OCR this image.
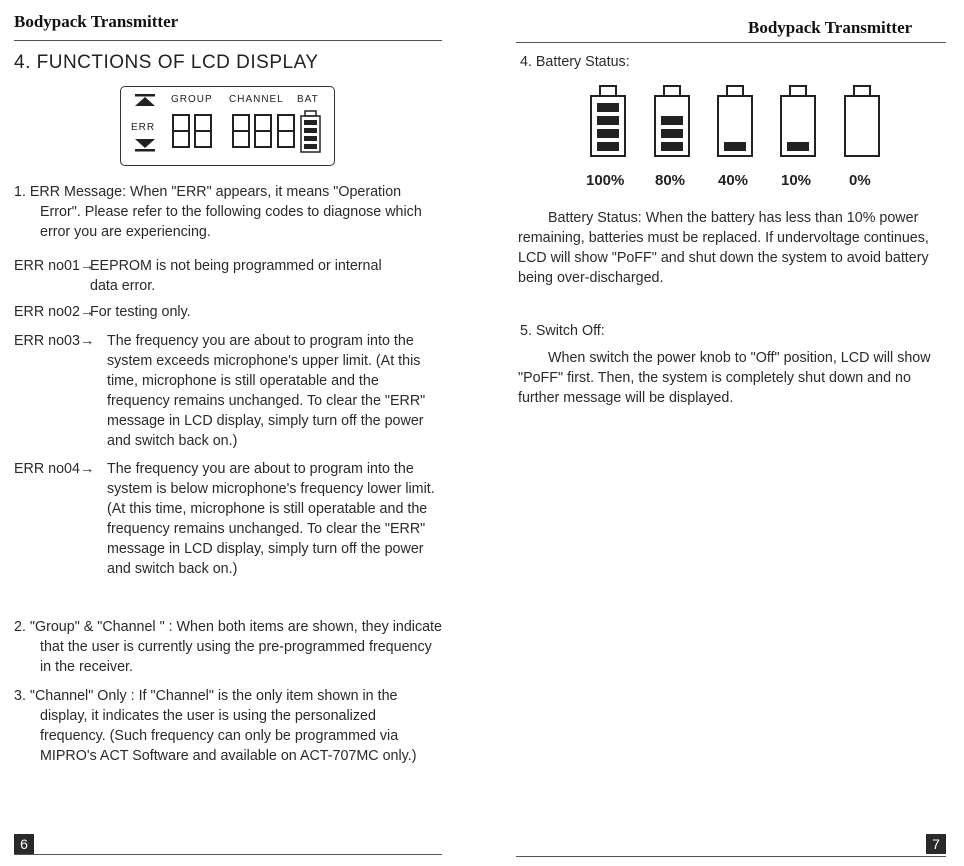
Bodypack Transmitter
4. FUNCTIONS OF LCD DISPLAY
GROUP CHANNEL BAT
ERR

1. ERR Message: When "ERR" appears, it means "Operation Error". Please refer to the following codes to diagnose which error you are experiencing.

ERR no01→

EEPROM is not being programmed or internal data error.

ERR no02→

For testing only.

ERR no03→ The frequency you are about to program into the system exceeds microphone's upper limit. (At this time, microphone is still operatable and the frequency remains unchanged. To clear the "ERR" message in LCD display, simply turn off the power and switch back on.)

ERR no04→ The frequency you are about to program into the system is below microphone's frequency lower limit. (At this time, microphone is still operatable and the frequency remains unchanged. To clear the "ERR" message in LCD display, simply turn off the power and switch back on.)

2. "Group" & "Channel " : When both items are shown, they indicate that the user is currently using the pre-programmed frequency in the receiver.

3. "Channel" Only : If "Channel" is the only item shown in the display, it indicates the user is using the personalized frequency. (Such frequency can only be programmed via MIPRO's ACT Software and available on ACT-707MC only.)

6
Bodypack Transmitter
4. Battery Status:
100% 80% 40% 10%	0%

Battery Status: When the battery has less than 10% power remaining, batteries must be replaced. If undervoltage continues, LCD will show "PoFF" and shut down the system to avoid battery being over-discharged.

5. Switch Off:

When switch the power knob to "Off" position, LCD will show "PoFF" first. Then, the system is completely shut down and no further message will be displayed.

7
